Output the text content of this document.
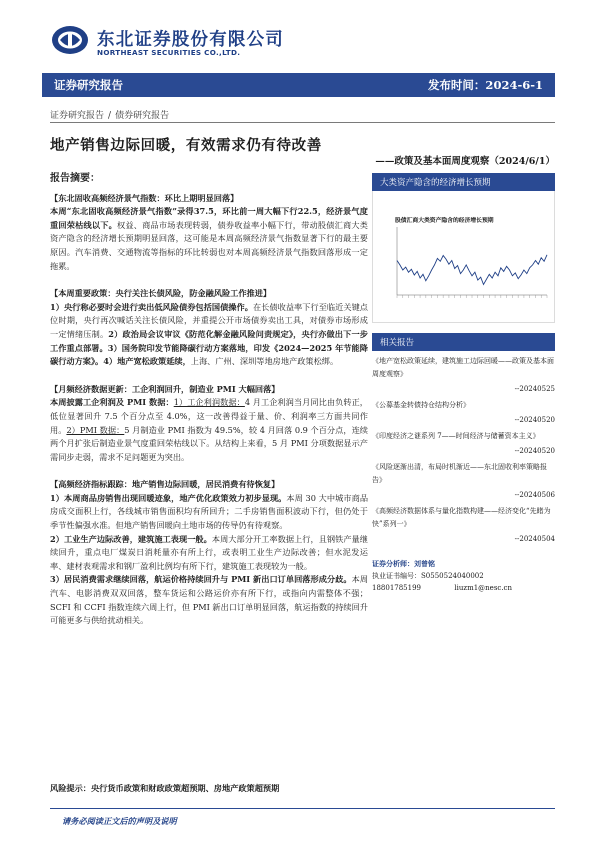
东北证券股份有限公司
NORTHEAST SECURITIES CO.,LTD.
证券研究报告	发布时间：2024-6-1
证券研究报告 / 债券研究报告
地产销售边际回暖，有效需求仍有待改善
——政策及基本面周度观察（2024/6/1）
报告摘要：
【东北固收高频经济景气指数：环比上期明显回落】
本周“东北固收高频经济景气指数”录得37.5，环比前一周大幅下行22.5，经济景气度重回荣枯线以下。权益、商品市场表现转弱，债券收益率小幅下行，带动股债汇商大类资产隐含的经济增长预期明显回落，这可能是本周高频经济景气指数显著下行的最主要原因。汽车消费、交通物流等指标的环比转弱也对本周高频经济景气指数回落形成一定拖累。
【本周重要政策：央行关注长债风险，防金融风险工作推进】
1）央行称必要时会进行卖出低风险债券包括国债操作。在长债收益率下行至临近关键点位时期，央行再次喊话关注长债风险，并重提公开市场债券卖出工具，对债券市场形成一定情绪压制。2）政治局会议审议《防范化解金融风险问责规定》，央行亦做出下一步工作重点部署。3）国务院印发节能降碳行动方案落地，印发《2024—2025 年节能降碳行动方案》。4）地产宽松政策延续，上海、广州、深圳等地房地产政策松绑。
【月频经济数据更新：工企利润回升，制造业 PMI 大幅回落】
本周披露工企利润及 PMI 数据：1）工企利润数据：4 月工企利润当月同比由负转正，低位显著回升 7.5 个百分点至 4.0%，这一改善得益于量、价、利润率三方面共同作用。2）PMI 数据：5 月制造业 PMI 指数为 49.5%，较 4 月回落 0.9 个百分点，连续两个月扩张后制造业景气度重回荣枯线以下。从结构上来看，5 月 PMI 分项数据显示产需同步走弱，需求不足问题更为突出。
【高频经济指标跟踪：地产销售边际回暖，居民消费有待恢复】
1）本周商品房销售出现回暖迹象，地产优化政策效力初步显现。本周 30 大中城市商品房成交面积上行，各线城市销售面积均有所回升；二手房销售面积波动下行，但仍处于季节性偏强水准。但地产销售回暖向土地市场的传导仍有待观察。
2）工业生产边际改善，建筑施工表现一般。本周大部分开工率数据上行，且钢铁产量继续回升，重点电厂煤炭日消耗量亦有所上行，或表明工业生产边际改善；但水泥发运率、建材表观需求和钢厂盈利比例均有所下行，建筑施工表现较为一般。
3）居民消费需求继续回落，航运价格持续回升与 PMI 新出口订单回落形成分歧。本周汽车、电影消费双双回落，整车货运和公路运价亦有所下行，或指向内需整体不强；SCFI 和 CCFI 指数连续六周上行，但 PMI 新出口订单明显回落，航运指数的持续回升可能更多与供给扰动相关。
风险提示：央行货币政策和财政政策超预期、房地产政策超预期
大类资产隐含的经济增长预期
股债汇商大类资产隐含的经济增长预期
相关报告
《地产宽松政策延续，建筑施工边际回暖——政策及基本面周度观察》
--20240525
《公募基金转债持仓结构分析》
--20240520
《印度经济之谜系列 7——时间经济与储蓄资本主义》
--20240520
《风险逐渐出清，布局时机渐近——东北固收利率策略报告》
--20240506
《高频经济数据体系与量化指数构建——经济变化“先睹为快”系列一》
--20240504
证券分析师：刘曾铭
执业证书编号：S0550524040002
18801785199	liuzm1@nesc.cn
请务必阅读正文后的声明及说明
